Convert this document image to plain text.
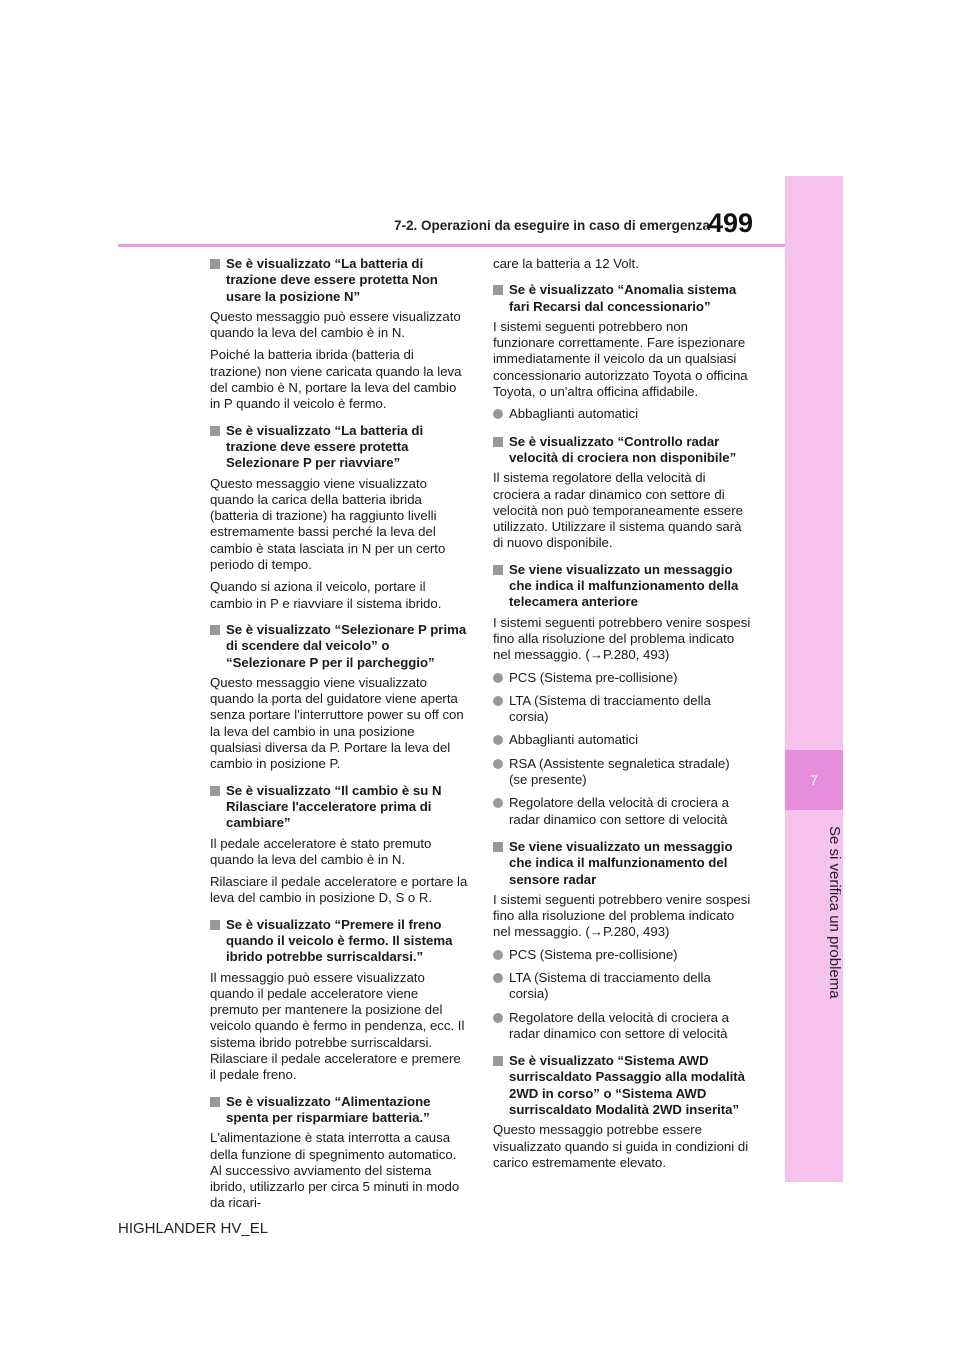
7
Se si verifica un problema
7-2. Operazioni da eseguire in caso di emergenza
499
Se è visualizzato “La batteria di trazione deve essere protetta Non usare la posizione N”
Questo messaggio può essere visualizzato quando la leva del cambio è in N.
Poiché la batteria ibrida (batteria di trazione) non viene caricata quando la leva del cambio è N, portare la leva del cambio in P quando il veicolo è fermo.
Se è visualizzato “La batteria di trazione deve essere protetta Selezionare P per riavviare”
Questo messaggio viene visualizzato quando la carica della batteria ibrida (batteria di trazione) ha raggiunto livelli estremamente bassi perché la leva del cambio è stata lasciata in N per un certo periodo di tempo.
Quando si aziona il veicolo, portare il cambio in P e riavviare il sistema ibrido.
Se è visualizzato “Selezionare P prima di scendere dal veicolo” o “Selezionare P per il parcheggio”
Questo messaggio viene visualizzato quando la porta del guidatore viene aperta senza portare l'interruttore power su off con la leva del cambio in una posizione qualsiasi diversa da P. Portare la leva del cambio in posizione P.
Se è visualizzato “Il cambio è su N Rilasciare l'acceleratore prima di cambiare”
Il pedale acceleratore è stato premuto quando la leva del cambio è in N.
Rilasciare il pedale acceleratore e portare la leva del cambio in posizione D, S o R.
Se è visualizzato “Premere il freno quando il veicolo è fermo. Il sistema ibrido potrebbe surriscaldarsi.”
Il messaggio può essere visualizzato quando il pedale acceleratore viene premuto per mantenere la posizione del veicolo quando è fermo in pendenza, ecc. Il sistema ibrido potrebbe surriscaldarsi. Rilasciare il pedale acceleratore e premere il pedale freno.
Se è visualizzato “Alimentazione spenta per risparmiare batteria.”
L'alimentazione è stata interrotta a causa della funzione di spegnimento automatico. Al successivo avviamento del sistema ibrido, utilizzarlo per circa 5 minuti in modo da ricari-
care la batteria a 12 Volt.
Se è visualizzato “Anomalia sistema fari Recarsi dal concessionario”
I sistemi seguenti potrebbero non funzionare correttamente. Fare ispezionare immediatamente il veicolo da un qualsiasi concessionario autorizzato Toyota o officina Toyota, o un'altra officina affidabile.
Abbaglianti automatici
Se è visualizzato “Controllo radar velocità di crociera non disponibile”
Il sistema regolatore della velocità di crociera a radar dinamico con settore di velocità non può temporaneamente essere utilizzato. Utilizzare il sistema quando sarà di nuovo disponibile.
Se viene visualizzato un messaggio che indica il malfunzionamento della telecamera anteriore
I sistemi seguenti potrebbero venire sospesi fino alla risoluzione del problema indicato nel messaggio. (→P.280, 493)
PCS (Sistema pre-collisione)
LTA (Sistema di tracciamento della corsia)
Abbaglianti automatici
RSA (Assistente segnaletica stradale) (se presente)
Regolatore della velocità di crociera a radar dinamico con settore di velocità
Se viene visualizzato un messaggio che indica il malfunzionamento del sensore radar
I sistemi seguenti potrebbero venire sospesi fino alla risoluzione del problema indicato nel messaggio. (→P.280, 493)
PCS (Sistema pre-collisione)
LTA (Sistema di tracciamento della corsia)
Regolatore della velocità di crociera a radar dinamico con settore di velocità
Se è visualizzato “Sistema AWD surriscaldato Passaggio alla modalità 2WD in corso” o “Sistema AWD surriscaldato Modalità 2WD inserita”
Questo messaggio potrebbe essere visualizzato quando si guida in condizioni di carico estremamente elevato.
HIGHLANDER HV_EL
